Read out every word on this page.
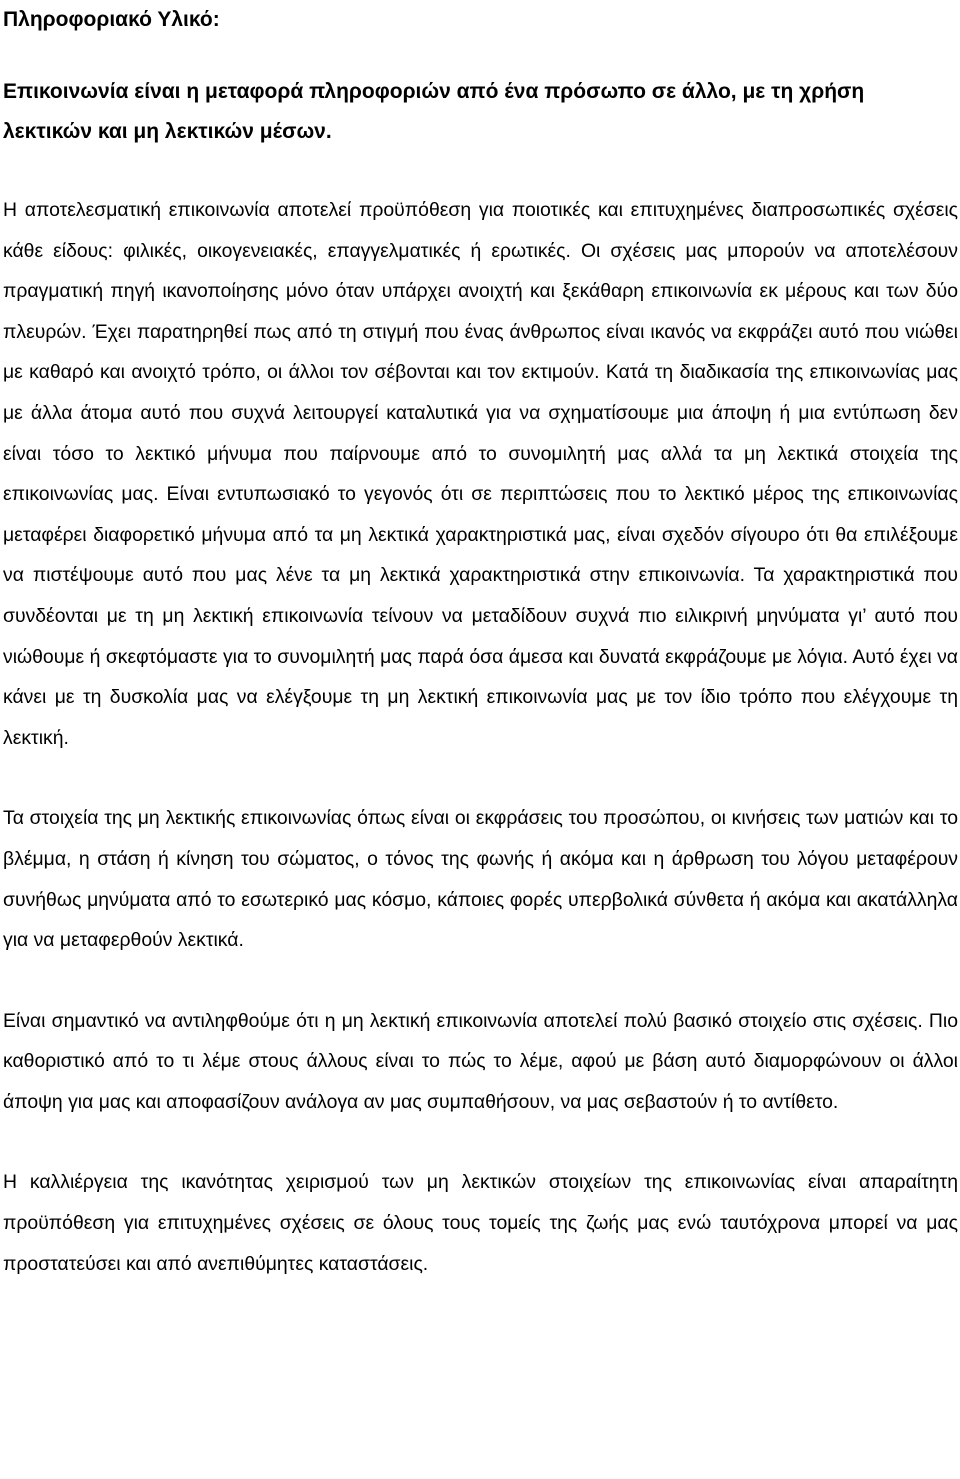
Πληροφοριακό Υλικό:

Επικοινωνία είναι η μεταφορά πληροφοριών από ένα πρόσωπο σε άλλο, με τη χρήση λεκτικών και μη λεκτικών μέσων.

Η αποτελεσματική επικοινωνία αποτελεί προϋπόθεση για ποιοτικές και επιτυχημένες διαπροσωπικές σχέσεις κάθε είδους: φιλικές, οικογενειακές, επαγγελματικές ή ερωτικές. Οι σχέσεις μας μπορούν να αποτελέσουν πραγματική πηγή ικανοποίησης μόνο όταν υπάρχει ανοιχτή και ξεκάθαρη επικοινωνία εκ μέρους και των δύο πλευρών. Έχει παρατηρηθεί πως από τη στιγμή που ένας άνθρωπος είναι ικανός να εκφράζει αυτό που νιώθει με καθαρό και ανοιχτό τρόπο, οι άλλοι τον σέβονται και τον εκτιμούν. Κατά τη διαδικασία της επικοινωνίας μας με άλλα άτομα αυτό που συχνά λειτουργεί καταλυτικά για να σχηματίσουμε μια άποψη ή μια εντύπωση δεν είναι τόσο το λεκτικό μήνυμα που παίρνουμε από το συνομιλητή μας αλλά τα μη λεκτικά στοιχεία της επικοινωνίας μας. Είναι εντυπωσιακό το γεγονός ότι σε περιπτώσεις που το λεκτικό μέρος της επικοινωνίας μεταφέρει διαφορετικό μήνυμα από τα μη λεκτικά χαρακτηριστικά μας, είναι σχεδόν σίγουρο ότι θα επιλέξουμε να πιστέψουμε αυτό που μας λένε τα μη λεκτικά χαρακτηριστικά στην επικοινωνία. Τα χαρακτηριστικά που συνδέονται με τη μη λεκτική επικοινωνία τείνουν να μεταδίδουν συχνά πιο ειλικρινή μηνύματα γι’ αυτό που νιώθουμε ή σκεφτόμαστε για το συνομιλητή μας παρά όσα άμεσα και δυνατά εκφράζουμε με λόγια. Αυτό έχει να κάνει με τη δυσκολία μας να ελέγξουμε τη μη λεκτική επικοινωνία μας με τον ίδιο τρόπο που ελέγχουμε τη λεκτική.

Τα στοιχεία της μη λεκτικής επικοινωνίας όπως είναι οι εκφράσεις του προσώπου, οι κινήσεις των ματιών και το βλέμμα, η στάση ή κίνηση του σώματος, ο τόνος της φωνής ή ακόμα και η άρθρωση του λόγου μεταφέρουν συνήθως μηνύματα από το εσωτερικό μας κόσμο, κάποιες φορές υπερβολικά σύνθετα ή ακόμα και ακατάλληλα για να μεταφερθούν λεκτικά.

Είναι σημαντικό να αντιληφθούμε ότι η μη λεκτική επικοινωνία αποτελεί πολύ βασικό στοιχείο στις σχέσεις. Πιο καθοριστικό από το τι λέμε στους άλλους είναι το πώς το λέμε, αφού με βάση αυτό διαμορφώνουν οι άλλοι άποψη για μας και αποφασίζουν ανάλογα αν μας συμπαθήσουν, να μας σεβαστούν ή το αντίθετο.

Η καλλιέργεια της ικανότητας χειρισμού των μη λεκτικών στοιχείων της επικοινωνίας είναι απαραίτητη προϋπόθεση για επιτυχημένες σχέσεις σε όλους τους τομείς της ζωής μας ενώ ταυτόχρονα μπορεί να μας προστατεύσει και από ανεπιθύμητες καταστάσεις.
